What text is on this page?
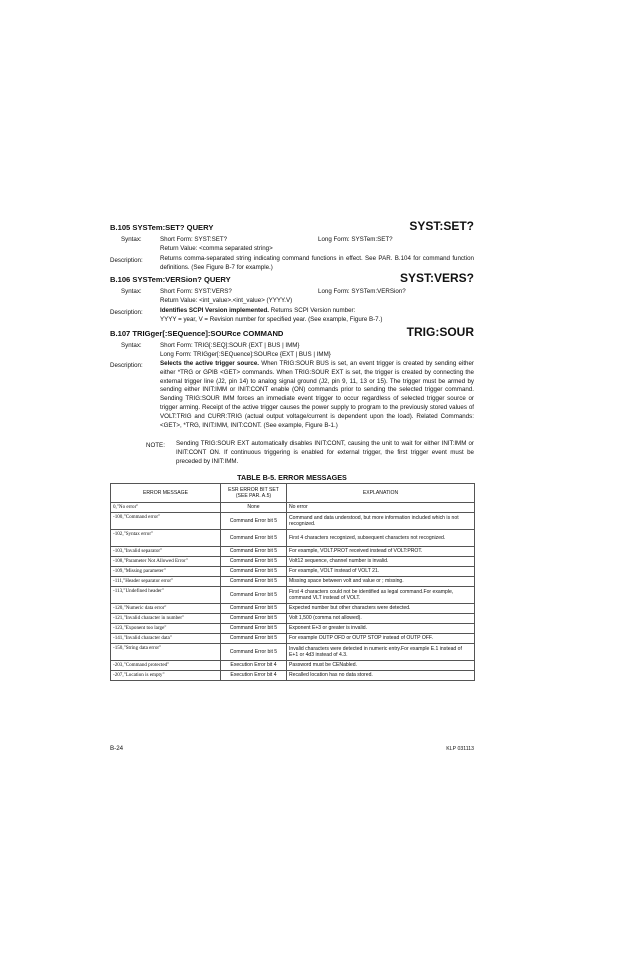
B.105 SYSTem:SET? QUERY	SYST:SET?
Syntax:	Short Form: SYST:SET?	Long Form: SYSTem:SET?
Return Value: <comma separated string>
Description:	Returns comma-separated string indicating command functions in effect. See PAR. B.104 for command function definitions. (See Figure B-7 for example.)
B.106 SYSTem:VERSion? QUERY	SYST:VERS?
Syntax:	Short Form: SYST:VERS?	Long Form: SYSTem:VERSion?
Return Value: <int_value>.<int_value> (YYYY.V)
Description:	Identifies SCPI Version implemented. Returns SCPI Version number:
YYYY = year, V = Revision number for specified year. (See example, Figure B-7.)
B.107 TRIGger[:SEQuence]:SOURce COMMAND	TRIG:SOUR
Syntax:	Short Form: TRIG[:SEQ]:SOUR {EXT | BUS | IMM}
Long Form: TRIGger[:SEQuence]:SOURce {EXT | BUS | IMM}
Description:	Selects the active trigger source. When TRIG:SOUR BUS is set, an event trigger is created by sending either either *TRG or GPIB <GET> commands. When TRIG:SOUR EXT is set, the trigger is created by connecting the external trigger line (J2, pin 14) to analog signal ground (J2, pin 9, 11, 13 or 15). The trigger must be armed by sending either INIT:IMM or INIT:CONT enable (ON) commands prior to sending the selected trigger command. Sending TRIG:SOUR IMM forces an immediate event trigger to occur regardless of selected trigger source or trigger arming. Receipt of the active trigger causes the power supply to program to the previously stored values of VOLT:TRIG and CURR:TRIG (actual output voltage/current is dependent upon the load). Related Commands: <GET>, *TRG, INIT:IMM, INIT:CONT. (See example, Figure B-1.)
NOTE: Sending TRIG:SOUR EXT automatically disables INIT:CONT, causing the unit to wait for either INIT:IMM or INIT:CONT ON. If continuous triggering is enabled for external trigger, the first trigger event must be preceded by INIT:IMM.
TABLE B-5. ERROR MESSAGES
ERROR MESSAGE	ESR ERROR BIT SET (SEE PAR. A.5)	EXPLANATION
0,"No error"	None	No error
-100,"Command error"	Command Error bit 5	Command and data understood, but more information included which is not recognized.
-102,"Syntax error"	Command Error bit 5	First 4 characters recognized, subsequent characters not recognized.
-103,"Invalid separator"	Command Error bit 5	For example, VOLT.PROT received instead of VOLT:PROT.
-108,"Parameter Not Allowed Error"	Command Error bit 5	Volt12 sequence, channel number is invalid.
-109,"Missing parameter"	Command Error bit 5	For example, VOLT instead of VOLT 21.
-111,"Header separator error"	Command Error bit 5	Missing space between volt and value or ; missing.
-113,"Undefined header"	Command Error bit 5	First 4 characters could not be identified as legal command.For example, command VLT instead of VOLT.
-120,"Numeric data error"	Command Error bit 5	Expected number but other characters were detected.
-121,"Invalid character in number"	Command Error bit 5	Volt 1,500 (comma not allowed).
-123,"Exponent too large"	Command Error bit 5	Exponent E+3 or greater is invalid.
-141,"Invalid character data"	Command Error bit 5	For example OUTP OFD or OUTP STOP instead of OUTP OFF.
-150,"String data error"	Command Error bit 5	Invalid characters were detected in numeric entry.For example E.1 instead of E+1 or 4d3 instead of 4.3.
-203,"Command protected"	Execution Error bit 4	Password must be CENabled.
-207,"Location is empty"	Execution Error bit 4	Recalled location has no data stored.
B-24	KLP 031113
